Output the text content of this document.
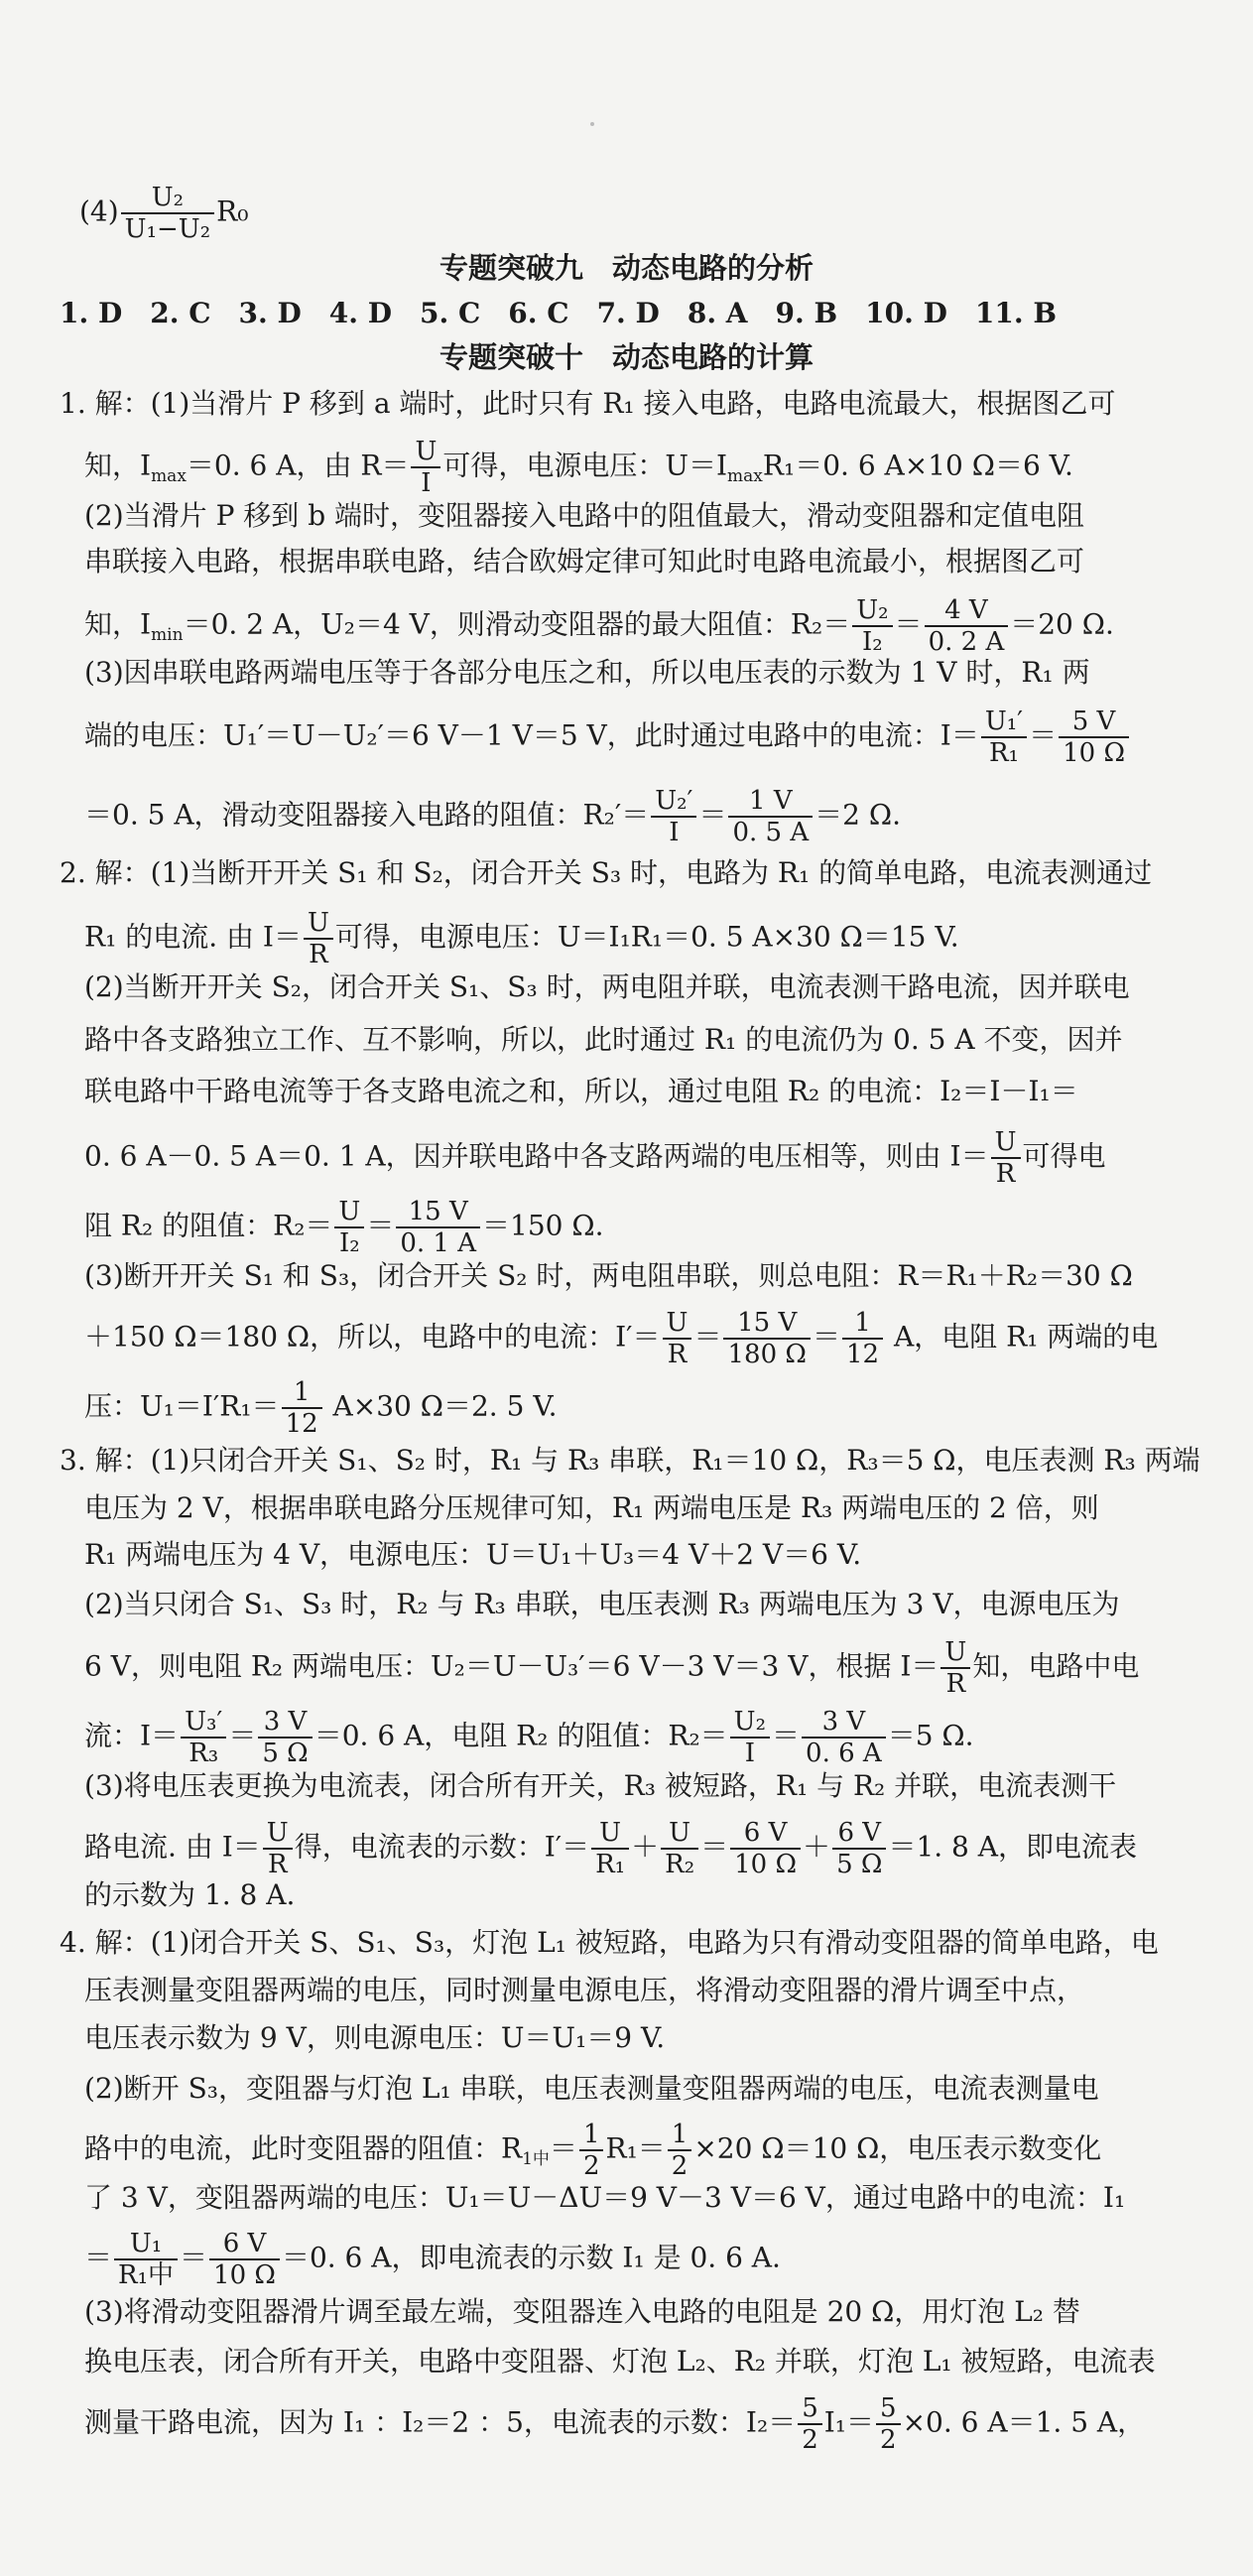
$(4) \frac{\text{U₂}}{\text{U₁−U₂}} R_0$
专题突破九　动态电路的分析
1. D　2. C　3. D　4. D　5. C　6. C　7. D　8. A　9. B　10. D　11. B
专题突破十　动态电路的计算
1. 解：(1)当滑片 P 移到 a 端时，此时只有 R₁ 接入电路，电路电流最大，根据图乙可
知，$I_{max}=0$. 6 A，由 $R= \frac{U}{I}$ 可得，电源电压：$U=I_{max}R_1=0$. 6 A×10 Ω＝6 V.
(2)当滑片 P 移到 b 端时，变阻器接入电路中的阻值最大，滑动变阻器和定值电阻
串联接入电路，根据串联电路，结合欧姆定律可知此时电路电流最小，根据图乙可
知，$I_{min}=0$. 2 A，U₂＝4 V，则滑动变阻器的最大阻值：$R_2= \frac{\text{U₂}}{\text{I₂}} = \frac{4 V}{0. 2 A} =20$ Ω.
(3)因串联电路两端电压等于各部分电压之和，所以电压表的示数为 1 V 时，R₁ 两
端的电压：U₁′＝U－U₂′＝6 V－1 V＝5 V，此时通过电路中的电流：$I= \frac{\text{U₁′}}{\text{R₁}} = \frac{5 V}{10 \Omega}$
＝0. 5 A，滑动变阻器接入电路的阻值：$R_2'= \frac{\text{U₂′}}{I} = \frac{1 V}{0. 5 A} =2$ Ω.
2. 解：(1)当断开开关 S₁ 和 S₂，闭合开关 S₃ 时，电路为 R₁ 的简单电路，电流表测通过
R₁ 的电流. 由 $I= \frac{U}{R}$ 可得，电源电压：U＝I₁R₁＝0. 5 A×30 Ω＝15 V.
(2)当断开开关 S₂，闭合开关 S₁、S₃ 时，两电阻并联，电流表测干路电流，因并联电
路中各支路独立工作、互不影响，所以，此时通过 R₁ 的电流仍为 0. 5 A 不变，因并
联电路中干路电流等于各支路电流之和，所以，通过电阻 R₂ 的电流：I₂＝I－I₁＝
0. 6 A－0. 5 A＝0. 1 A，因并联电路中各支路两端的电压相等，则由 $I= \frac{U}{R}$ 可得电
阻 R₂ 的阻值：$R_2= \frac{U}{\text{I₂}} = \frac{15 V}{0. 1 A} =150$ Ω.
(3)断开开关 S₁ 和 S₃，闭合开关 S₂ 时，两电阻串联，则总电阻：R＝R₁＋R₂＝30 Ω
＋150 Ω＝180 Ω，所以，电路中的电流：$I'= \frac{U}{R} = \frac{15 V}{180 \Omega} = \frac{1}{12}$ A，电阻 R₁ 两端的电
压：$U_1=I'R_1= \frac{1}{12} A\times 30$ Ω＝2. 5 V.
3. 解：(1)只闭合开关 S₁、S₂ 时，R₁ 与 R₃ 串联，R₁＝10 Ω，R₃＝5 Ω，电压表测 R₃ 两端
电压为 2 V，根据串联电路分压规律可知，R₁ 两端电压是 R₃ 两端电压的 2 倍，则
R₁ 两端电压为 4 V，电源电压：U＝U₁＋U₃＝4 V＋2 V＝6 V.
(2)当只闭合 S₁、S₃ 时，R₂ 与 R₃ 串联，电压表测 R₃ 两端电压为 3 V，电源电压为
6 V，则电阻 R₂ 两端电压：U₂＝U－U₃′＝6 V－3 V＝3 V，根据 $I= \frac{U}{R}$ 知，电路中电
流：$I= \frac{\text{U₃′}}{\text{R₃}} = \frac{3 V}{5 \Omega} =0$. 6 A，电阻 R₂ 的阻值：$R_2= \frac{\text{U₂}}{I} = \frac{3 V}{0. 6 A} =5$ Ω.
(3)将电压表更换为电流表，闭合所有开关，R₃ 被短路，R₁ 与 R₂ 并联，电流表测干
路电流. 由 $I= \frac{U}{R}$ 得，电流表的示数：$I'= \frac{U}{\text{R₁}} + \frac{U}{\text{R₂}} = \frac{6 V}{10 \Omega} + \frac{6 V}{5 \Omega} =1$. 8 A，即电流表
的示数为 1. 8 A.
4. 解：(1)闭合开关 S、S₁、S₃，灯泡 L₁ 被短路，电路为只有滑动变阻器的简单电路，电
压表测量变阻器两端的电压，同时测量电源电压，将滑动变阻器的滑片调至中点，
电压表示数为 9 V，则电源电压：U＝U₁＝9 V.
(2)断开 S₃，变阻器与灯泡 L₁ 串联，电压表测量变阻器两端的电压，电流表测量电
路中的电流，此时变阻器的阻值：$R_{1中}= \frac{1}{2} R_1= \frac{1}{2} \times 20$ Ω＝10 Ω，电压表示数变化
了 3 V，变阻器两端的电压：U₁＝U－ΔU＝9 V－3 V＝6 V，通过电路中的电流：I₁
＝ U₁
R₁中
＝ $\frac{6 V}{10 \Omega} =0$. 6 A，即电流表的示数 I₁ 是 0. 6 A.
(3)将滑动变阻器滑片调至最左端，变阻器连入电路的电阻是 20 Ω，用灯泡 L₂ 替
换电压表，闭合所有开关，电路中变阻器、灯泡 L₂、R₂ 并联，灯泡 L₁ 被短路，电流表
测量干路电流，因为 I₁ ：I₂＝2 ：5，电流表的示数：$I_2= \frac{5}{2} I_1= \frac{5}{2} \times 0$. 6 A＝1. 5 A，
